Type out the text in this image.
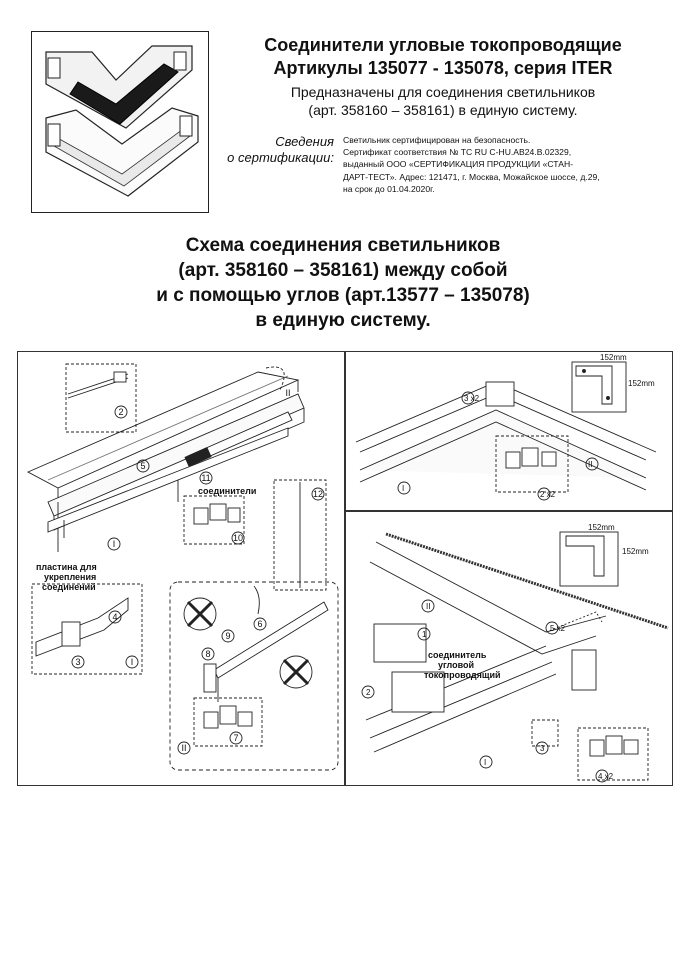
Соединители угловые токопроводящие
Артикулы 135077 - 135078, серия ITER
Предназначены для соединения светильников
(арт. 358160 – 358161) в единую систему.
Сведения
о сертификации:
Светильник сертифицирован на безопасность.
Сертификат соответствия № TC RU C-HU.AB24.B.02329,
выданный ООО «СЕРТИФИКАЦИЯ ПРОДУКЦИИ «СТАН-
ДАРТ-ТЕСТ». Адрес: 121471, г. Москва, Можайское шоссе, д.29,
на срок до 01.04.2020г.
Схема соединения светильников
(арт. 358160 – 358161) между собой
и с помощью углов (арт.13577 – 135078)
в единую систему.
2
5
11
10
12
4
3
9
8
6
7
I
I
II
II
соединители
пластина для
укрепления
соединений
152mm
152mm
3 x2
2 x2
I
II
152mm
152mm
5 x2
1
2
3
4 x2
II
I
соединитель
угловой
токопроводящий
